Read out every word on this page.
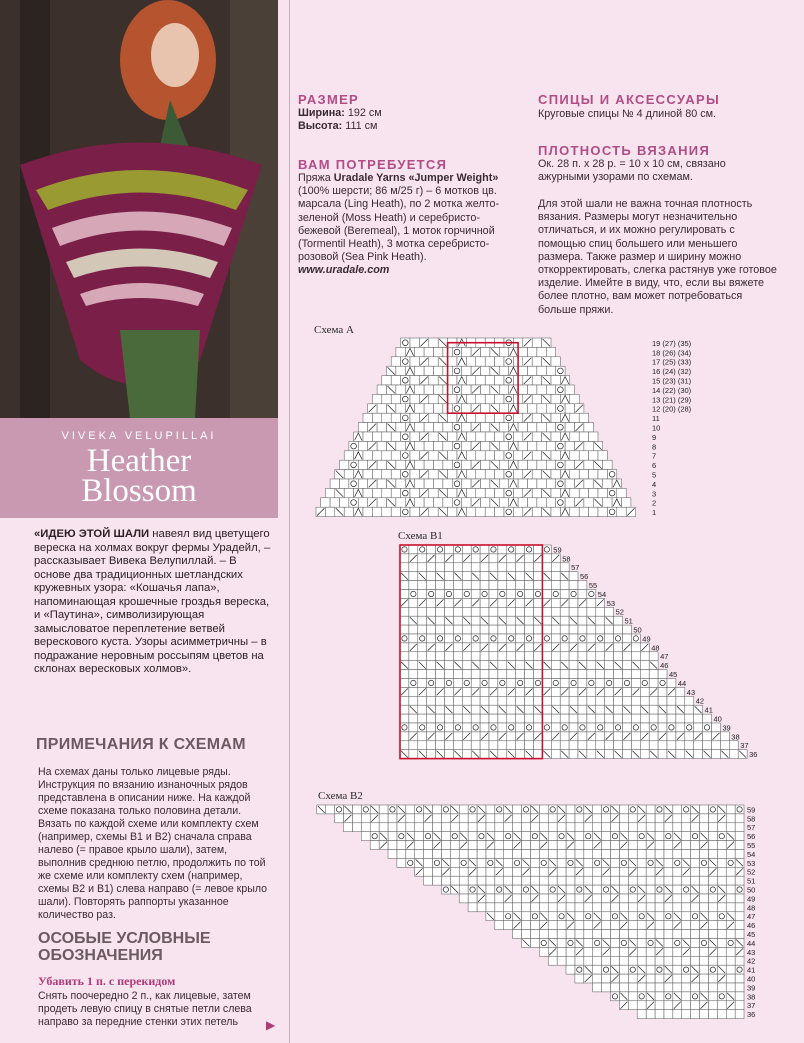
VIVEKA VELUPILLAI
Heather
Blossom
«ИДЕЮ ЭТОЙ ШАЛИ навеял вид цветущего вереска на холмах вокруг фермы Урадейл, – рассказывает Вивека Велупиллай. – В основе два традиционных шетландских кружевных узора: «Кошачья лапа», напоминающая крошечные гроздья вереска, и «Паутина», символизирующая замысловатое переплетение ветвей верескового куста. Узоры асимметричны – в подражание неровным россыпям цветов на склонах вересковых холмов».
ПРИМЕЧАНИЯ К СХЕМАМ
На схемах даны только лицевые ряды. Инструкция по вязанию изнаночных рядов представлена в описании ниже. На каждой схеме показана только половина детали. Вязать по каждой схеме или комплекту схем (например, схемы B1 и B2) сначала справа налево (= правое крыло шали), затем, выполнив среднюю петлю, продолжить по той же схеме или комплекту схем (например, схемы B2 и B1) слева направо (= левое крыло шали). Повторять раппорты указанное количество раз.
ОСОБЫЕ УСЛОВНЫЕ ОБОЗНАЧЕНИЯ
Убавить 1 п. с перекидом
Снять поочередно 2 п., как лицевые, затем продеть левую спицу в снятые петли слева направо за передние стенки этих петель	▶
РАЗМЕР
Ширина: 192 см
Высота: 111 см
ВАМ ПОТРЕБУЕТСЯ
Пряжа Uradale Yarns «Jumper Weight» (100% шерсти; 86 м/25 г) – 6 мотков цв. марсала (Ling Heath), по 2 мотка желто-зеленой (Moss Heath) и серебристо-бежевой (Beremeal), 1 моток горчичной (Tormentil Heath), 3 мотка серебристо-розовой (Sea Pink Heath).
www.uradale.com
СПИЦЫ И АКСЕССУАРЫ
Круговые спицы № 4 длиной 80 см.
ПЛОТНОСТЬ ВЯЗАНИЯ
Ок. 28 п. х 28 р. = 10 х 10 см, связано ажурными узорами по схемам.
Для этой шали не важна точная плотность вязания. Размеры могут незначительно отличаться, и их можно регулировать с помощью спиц большего или меньшего размера. Также размер и ширину можно откорректировать, слегка растянув уже готовое изделие. Имейте в виду, что, если вы вяжете более плотно, вам может потребоваться больше пряжи.
Схема A
19 (27) (35)
18 (26) (34)
17 (25) (33)
16 (24) (32)
15 (23) (31)
14 (22) (30)
13 (21) (29)
12 (20) (28)
11
10
9
8
7
6
5
4
3
2
1
Схема B1
59
58
57
56
55
54
53
52
51
50
49
48
47
46
45
44
43
42
41
40
39
38
37
36
Схема B2
59
58
57
56
55
54
53
52
51
50
49
48
47
46
45
44
43
42
41
40
39
38
37
36
